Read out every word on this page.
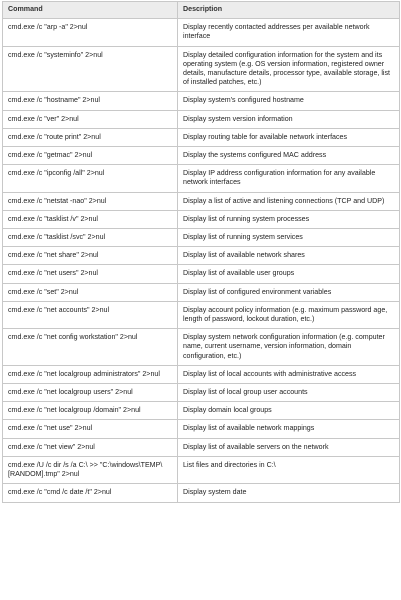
Command	Description
cmd.exe /c "arp -a" 2>nul	Display recently contacted addresses per available network interface
cmd.exe /c "systeminfo" 2>nul	Display detailed configuration information for the system and its operating system (e.g. OS version information, registered owner details, manufacture details, processor type, available storage, list of installed patches, etc.)
cmd.exe /c "hostname" 2>nul	Display system's configured hostname
cmd.exe /c "ver" 2>nul	Display system version information
cmd.exe /c "route print" 2>nul	Display routing table for available network interfaces
cmd.exe /c "getmac" 2>nul	Display the systems configured MAC address
cmd.exe /c "ipconfig /all" 2>nul	Display IP address configuration information for any available network interfaces
cmd.exe /c "netstat -nao" 2>nul	Display a list of active and listening connections (TCP and UDP)
cmd.exe /c "tasklist /v" 2>nul	Display list of running system processes
cmd.exe /c "tasklist /svc" 2>nul	Display list of running system services
cmd.exe /c "net share" 2>nul	Display list of available network shares
cmd.exe /c "net users" 2>nul	Display list of available user groups
cmd.exe /c "set" 2>nul	Display list of configured environment variables
cmd.exe /c "net accounts" 2>nul	Display account policy information (e.g. maximum password age, length of password, lockout duration, etc.)
cmd.exe /c "net config workstation" 2>nul	Display system network configuration information (e.g. computer name, current username, version information, domain configuration, etc.)
cmd.exe /c "net localgroup administrators" 2>nul	Display list of local accounts with administrative access
cmd.exe /c "net localgroup users" 2>nul	Display list of local group user accounts
cmd.exe /c "net localgroup /domain" 2>nul	Display domain local groups
cmd.exe /c "net use" 2>nul	Display list of available network mappings
cmd.exe /c "net view" 2>nul	Display list of available servers on the network
cmd.exe /U /c dir /s /a C:\ >> "C:\windows\TEMP\[RANDOM].tmp" 2>nul	List files and directories in C:\
cmd.exe /c "cmd /c date /t" 2>nul	Display system date
